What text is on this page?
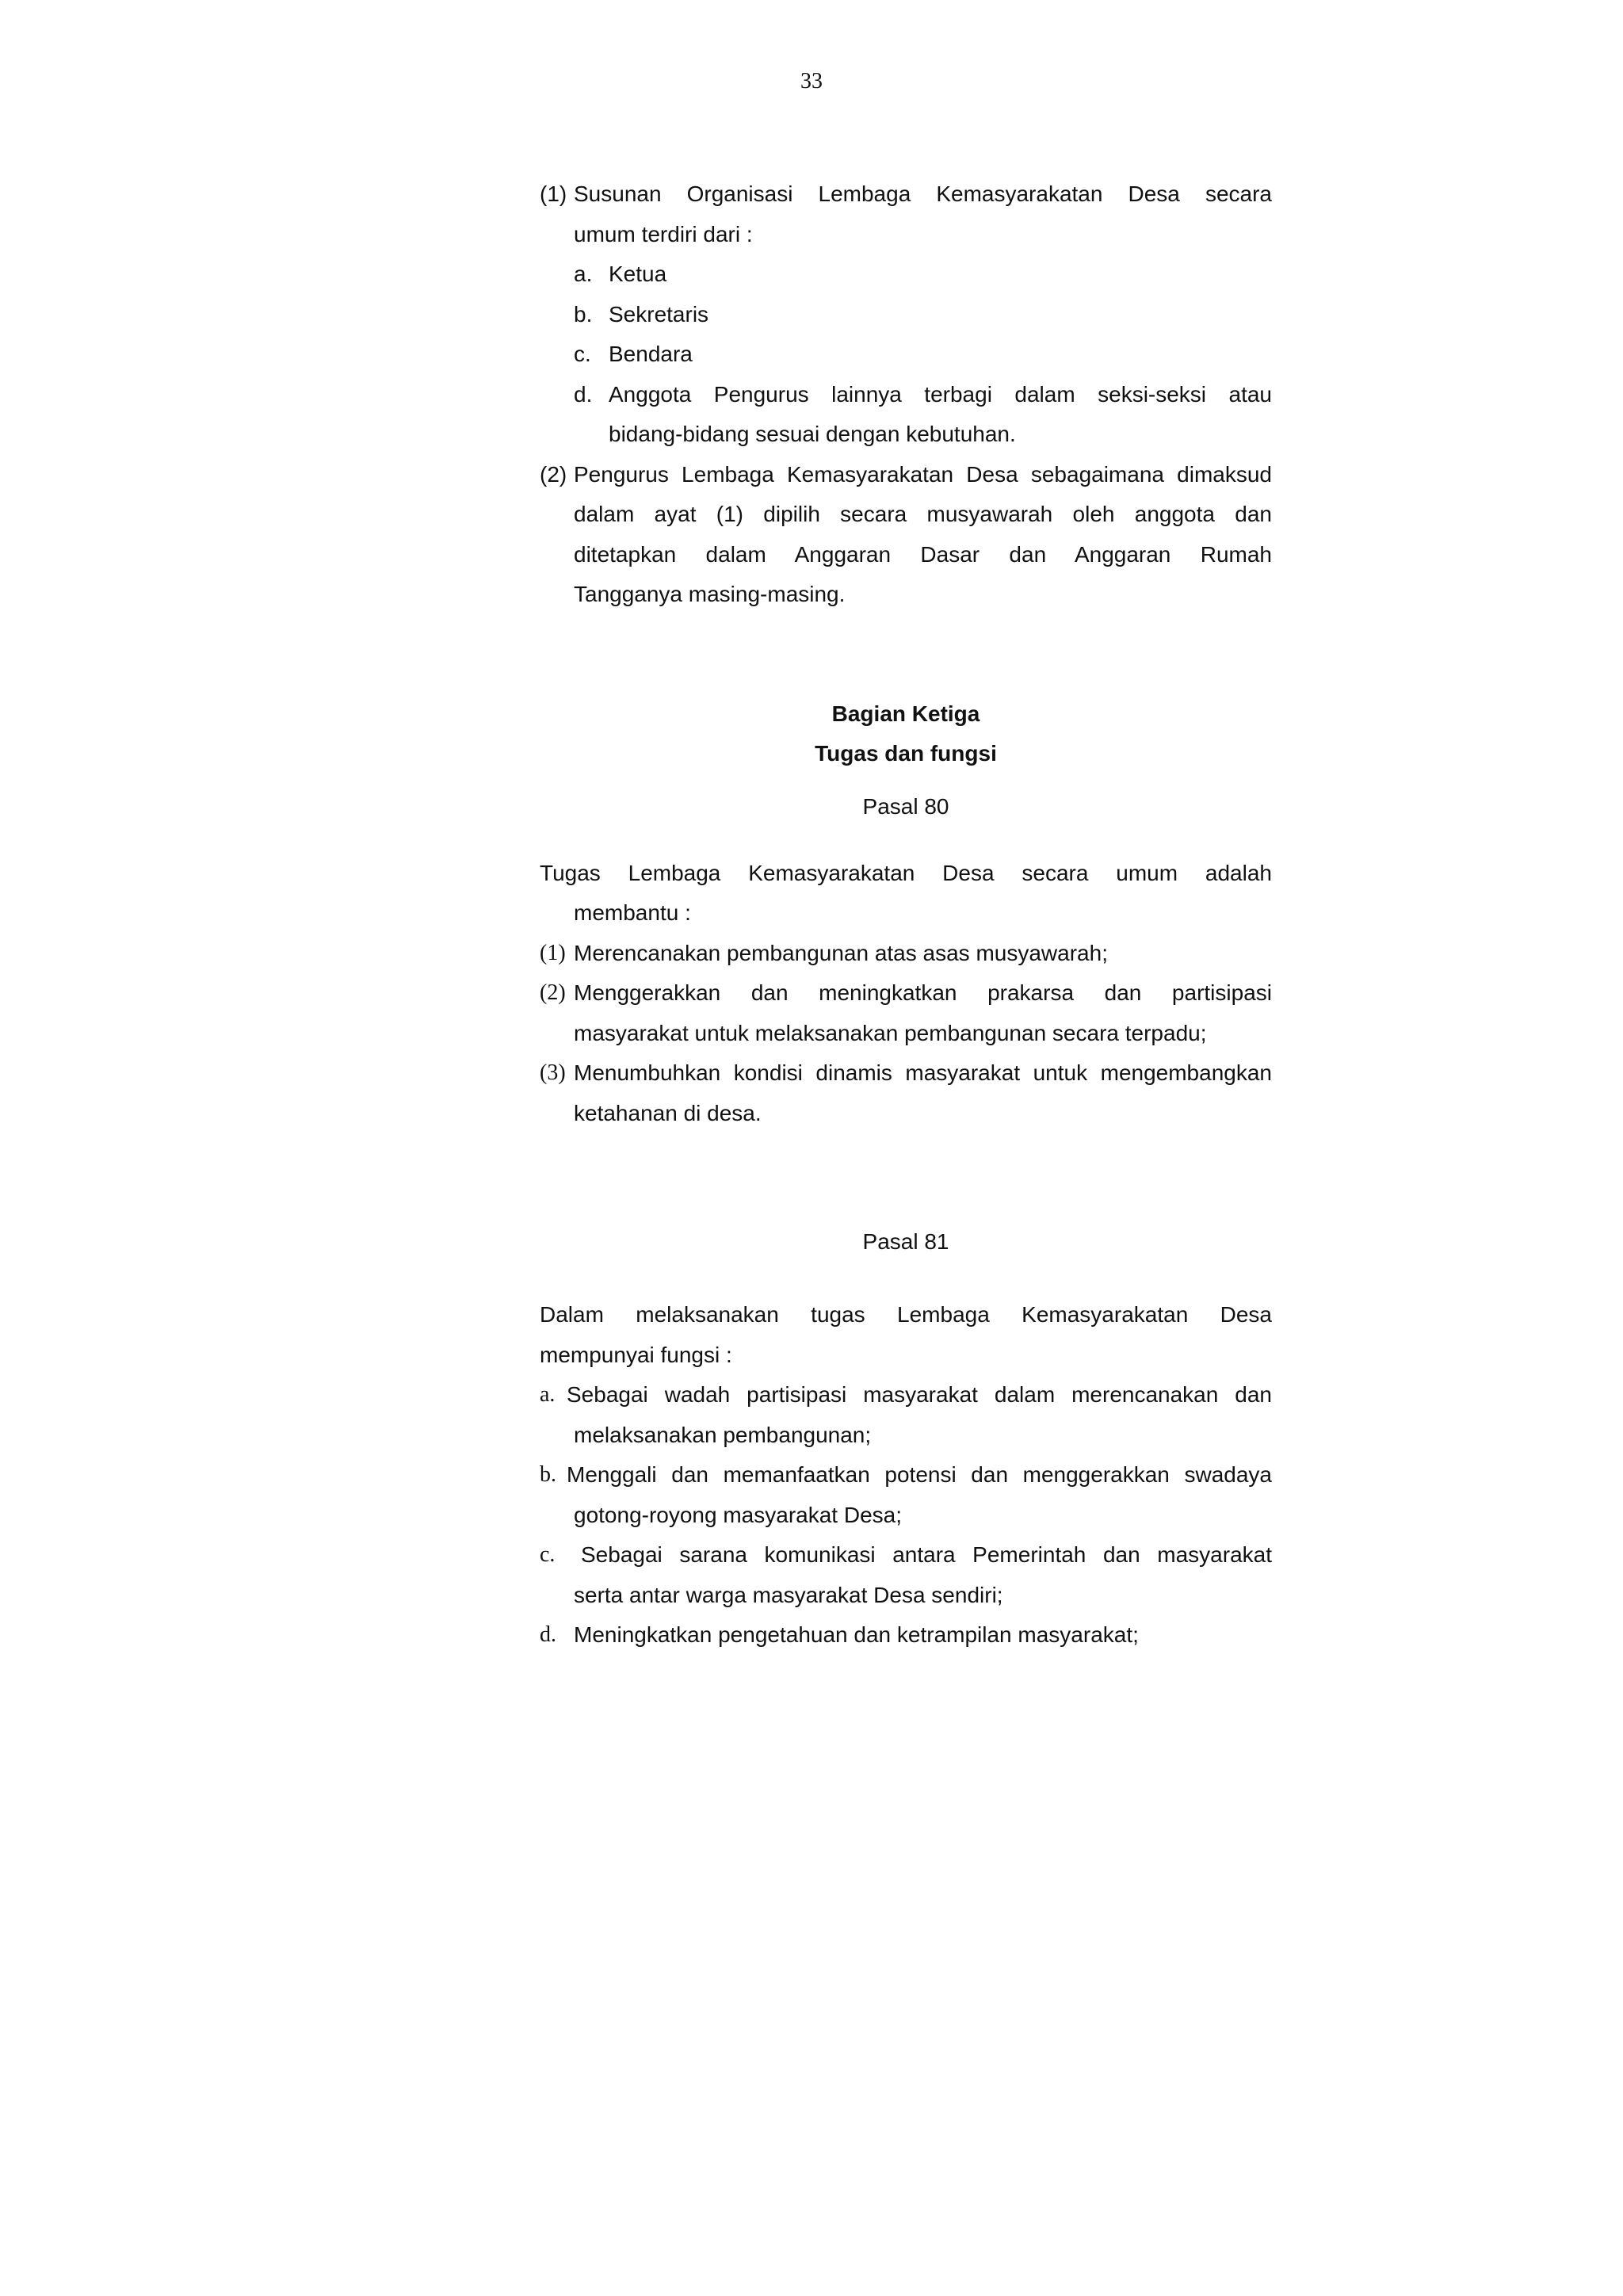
33
(1) Susunan Organisasi Lembaga Kemasyarakatan Desa secara
umum terdiri dari :
a. Ketua
b. Sekretaris
c. Bendara
d. Anggota Pengurus lainnya terbagi dalam seksi-seksi atau
bidang-bidang sesuai dengan kebutuhan.
(2) Pengurus Lembaga Kemasyarakatan Desa sebagaimana dimaksud
dalam ayat (1) dipilih secara musyawarah oleh anggota dan
ditetapkan dalam Anggaran Dasar dan Anggaran Rumah
Tangganya masing-masing.
Bagian Ketiga
Tugas dan fungsi
Pasal 80
Tugas Lembaga Kemasyarakatan Desa secara umum adalah
membantu :
(1) Merencanakan pembangunan atas asas musyawarah;
(2) Menggerakkan dan meningkatkan prakarsa dan partisipasi
masyarakat untuk melaksanakan pembangunan secara terpadu;
(3) Menumbuhkan kondisi dinamis masyarakat untuk mengembangkan
ketahanan di desa.
Pasal 81
Dalam melaksanakan tugas Lembaga Kemasyarakatan Desa
mempunyai fungsi :
a. Sebagai wadah partisipasi masyarakat dalam merencanakan dan
melaksanakan pembangunan;
b. Menggali dan memanfaatkan potensi dan menggerakkan swadaya
gotong-royong masyarakat Desa;
c. Sebagai sarana komunikasi antara Pemerintah dan masyarakat
serta antar warga masyarakat Desa sendiri;
d. Meningkatkan pengetahuan dan ketrampilan masyarakat;
